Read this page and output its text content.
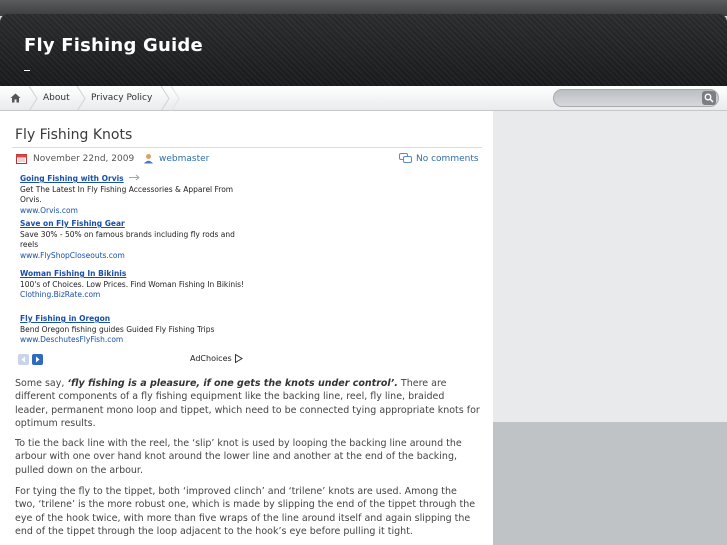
Fly Fishing Guide
About Privacy Policy
Fly Fishing Knots
November 22nd, 2009	webmaster	No comments
Going Fishing with Orvis
Get The Latest In Fly Fishing Accessories & Apparel From Orvis.
www.Orvis.com
Save on Fly Fishing Gear
Save 30% - 50% on famous brands including fly rods and reels
www.FlyShopCloseouts.com
Woman Fishing In Bikinis
100's of Choices. Low Prices. Find Woman Fishing In Bikinis!
Clothing.BizRate.com
Fly Fishing in Oregon
Bend Oregon fishing guides Guided Fly Fishing Trips
www.DeschutesFlyFish.com
AdChoices
Some say, ‘fly fishing is a pleasure, if one gets the knots under control’. There are different components of a fly fishing equipment like the backing line, reel, fly line, braided leader, permanent mono loop and tippet, which need to be connected tying appropriate knots for optimum results.
To tie the back line with the reel, the ‘slip’ knot is used by looping the backing line around the arbour with one over hand knot around the lower line and another at the end of the backing, pulled down on the arbour.
For tying the fly to the tippet, both ‘improved clinch’ and ‘trilene’ knots are used. Among the two, ‘trilene’ is the more robust one, which is made by slipping the end of the tippet through the eye of the hook twice, with more than five wraps of the line around itself and again slipping the end of the tippet through the loop adjacent to the hook’s eye before pulling it tight.
